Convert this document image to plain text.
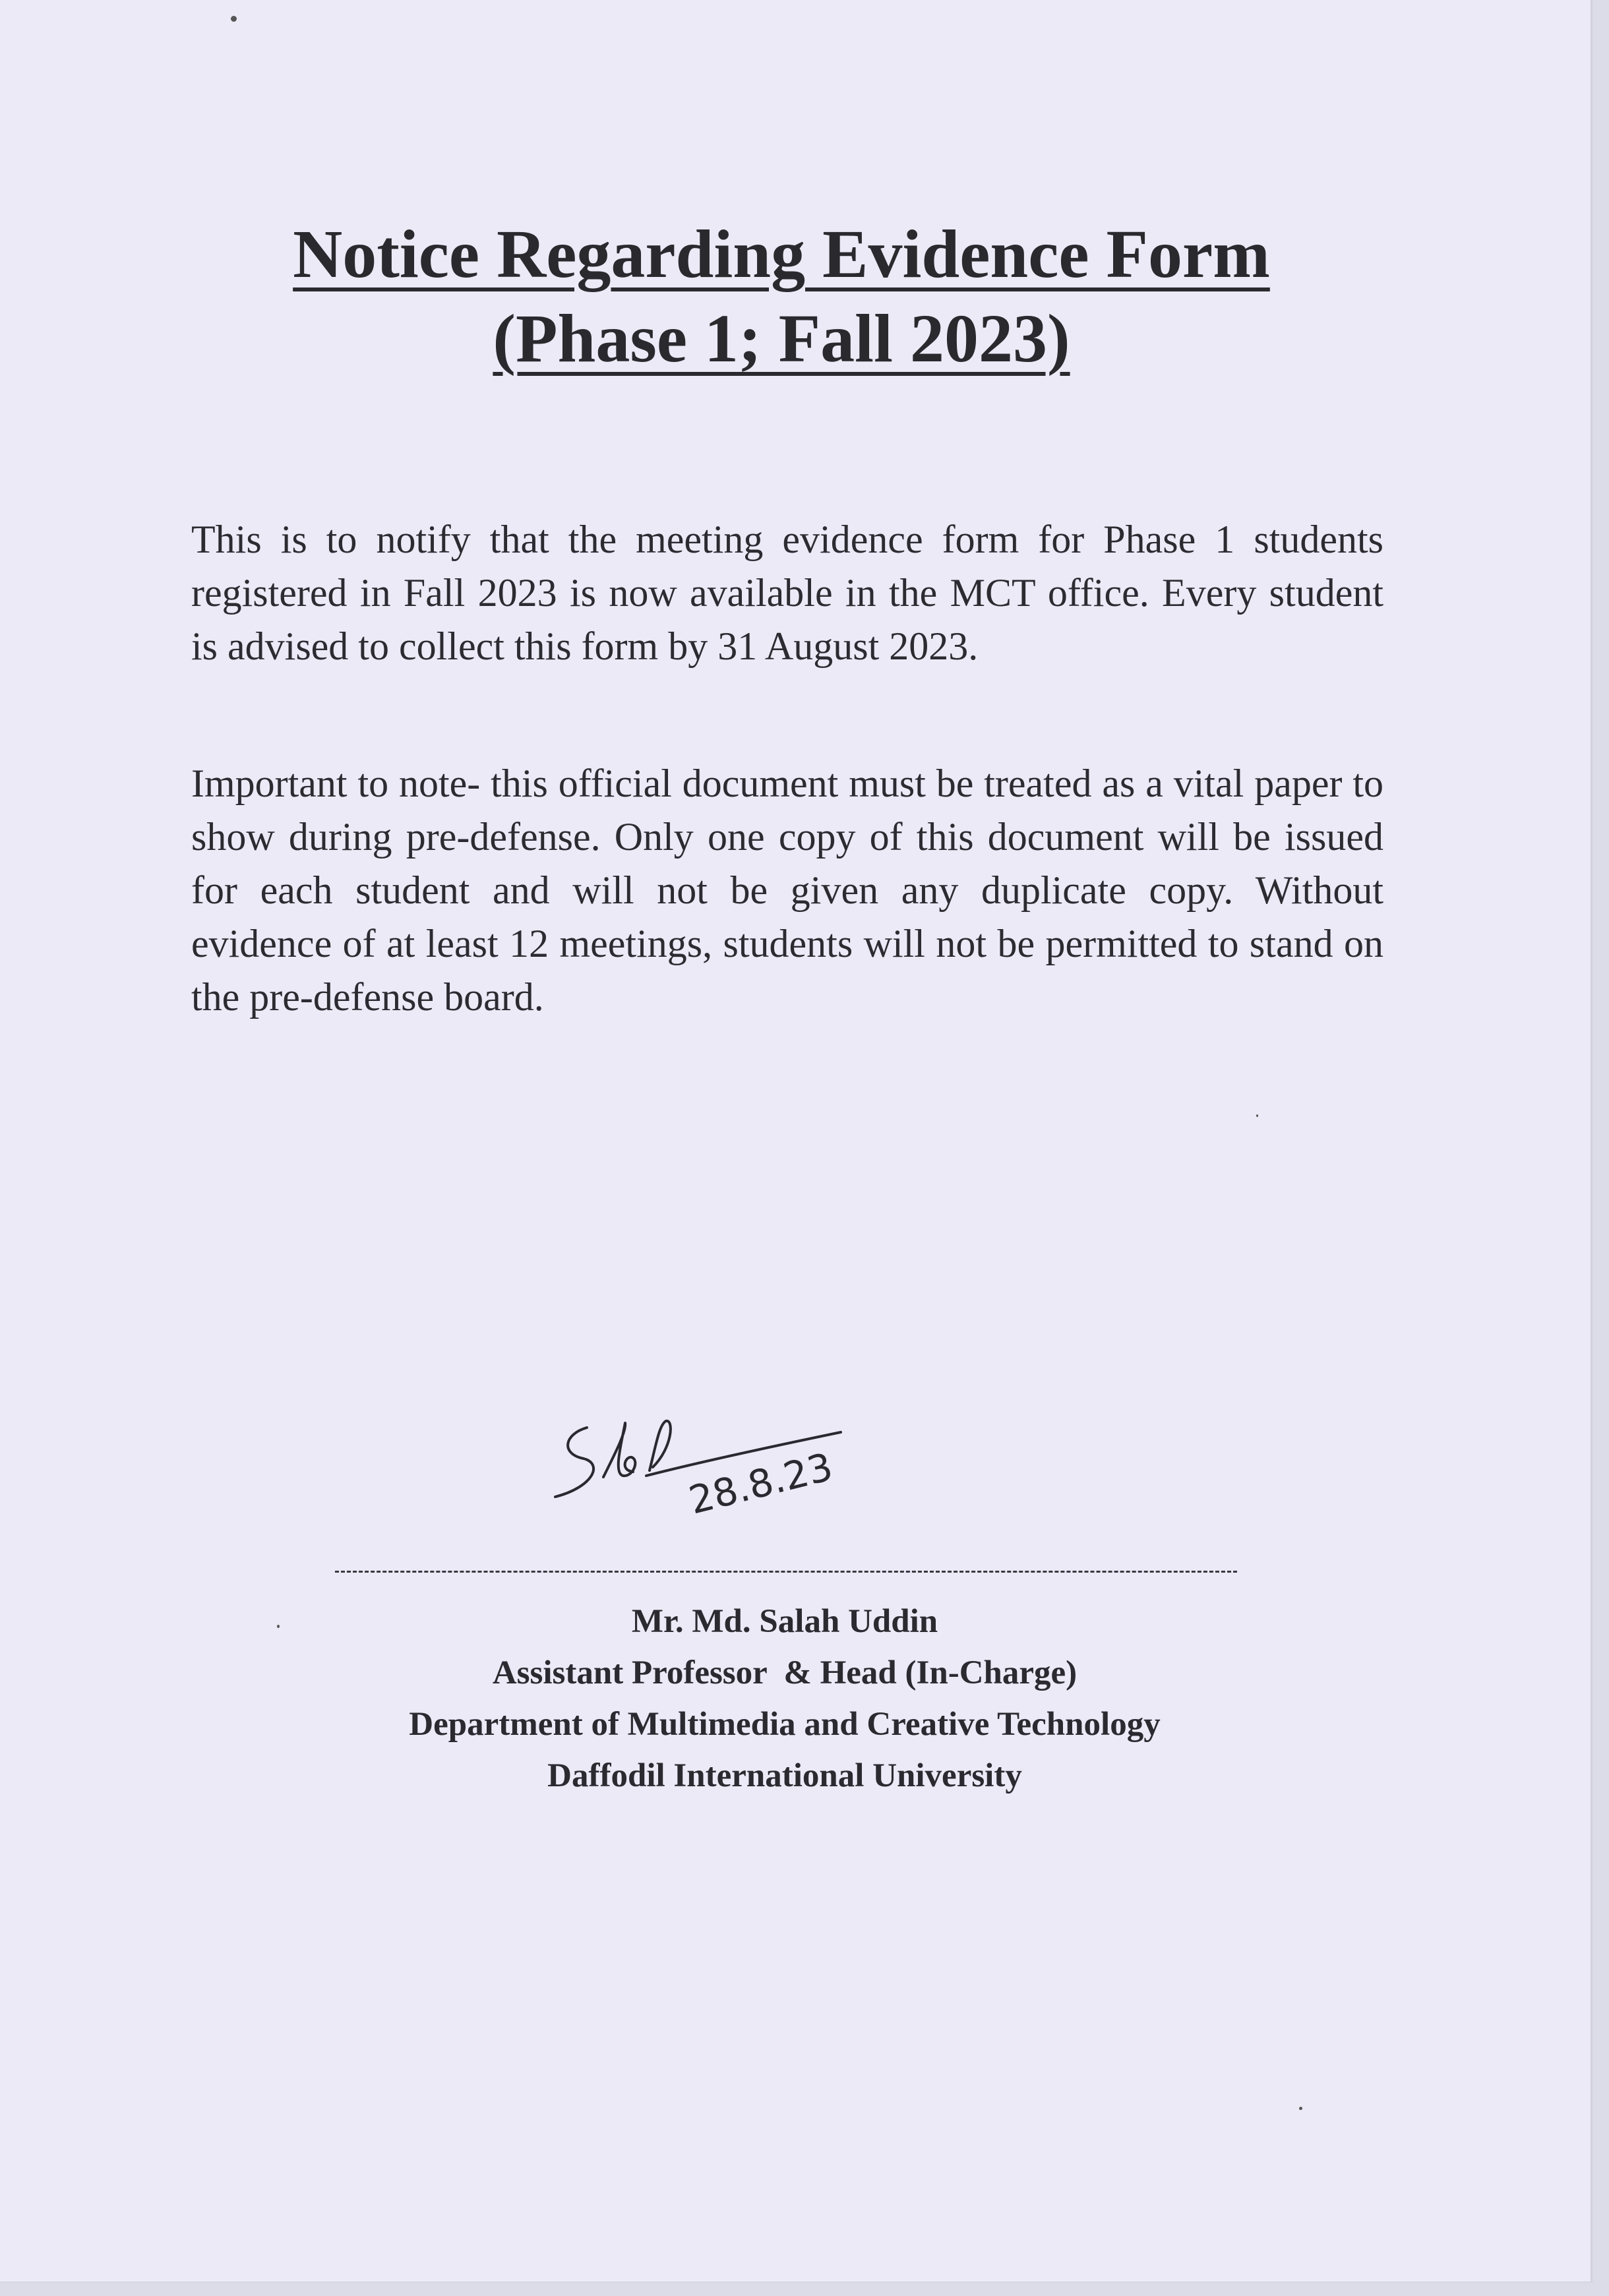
Notice Regarding Evidence Form
(Phase 1; Fall 2023)
This is to notify that the meeting evidence form for Phase 1 students registered in Fall 2023 is now available in the MCT office. Every student is advised to collect this form by 31 August 2023.
Important to note- this official document must be treated as a vital paper to show during pre-defense. Only one copy of this document will be issued for each student and will not be given any duplicate copy. Without evidence of at least 12 meetings, students will not be permitted to stand on the pre-defense board.
28.8.23
Mr. Md. Salah Uddin
Assistant Professor  & Head (In-Charge)
Department of Multimedia and Creative Technology
Daffodil International University
